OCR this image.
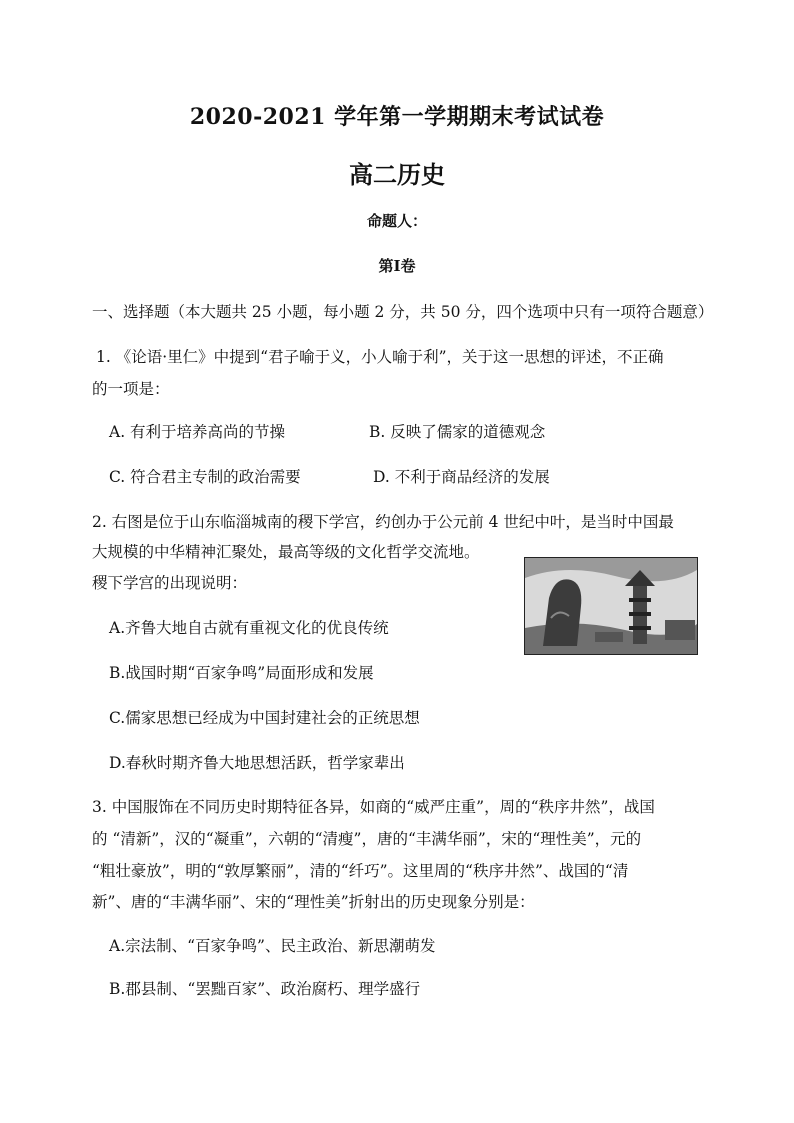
2020-2021 学年第一学期期末考试试卷
高二历史
命题人：
第Ⅰ卷
一、选择题（本大题共 25 小题，每小题 2 分，共 50 分，四个选项中只有一项符合题意）
1. 《论语·里仁》中提到“君子喻于义，小人喻于利”，关于这一思想的评述，不正确
的一项是：
A. 有利于培养高尚的节操	B. 反映了儒家的道德观念
C. 符合君主专制的政治需要	D. 不利于商品经济的发展
2. 右图是位于山东临淄城南的稷下学宫，约创办于公元前 4 世纪中叶，是当时中国最
大规模的中华精神汇聚处，最高等级的文化哲学交流地。
稷下学宫的出现说明：
A.齐鲁大地自古就有重视文化的优良传统
B.战国时期“百家争鸣”局面形成和发展
C.儒家思想已经成为中国封建社会的正统思想
D.春秋时期齐鲁大地思想活跃，哲学家辈出
3. 中国服饰在不同历史时期特征各异，如商的“威严庄重”，周的“秩序井然”，战国
的 “清新”，汉的“凝重”，六朝的“清瘦”，唐的“丰满华丽”，宋的“理性美”，元的
“粗壮豪放”，明的“敦厚繁丽”，清的“纤巧”。这里周的“秩序井然”、战国的“清
新”、唐的“丰满华丽”、宋的“理性美”折射出的历史现象分别是：
A.宗法制、“百家争鸣”、民主政治、新思潮萌发
B.郡县制、“罢黜百家”、政治腐朽、理学盛行
